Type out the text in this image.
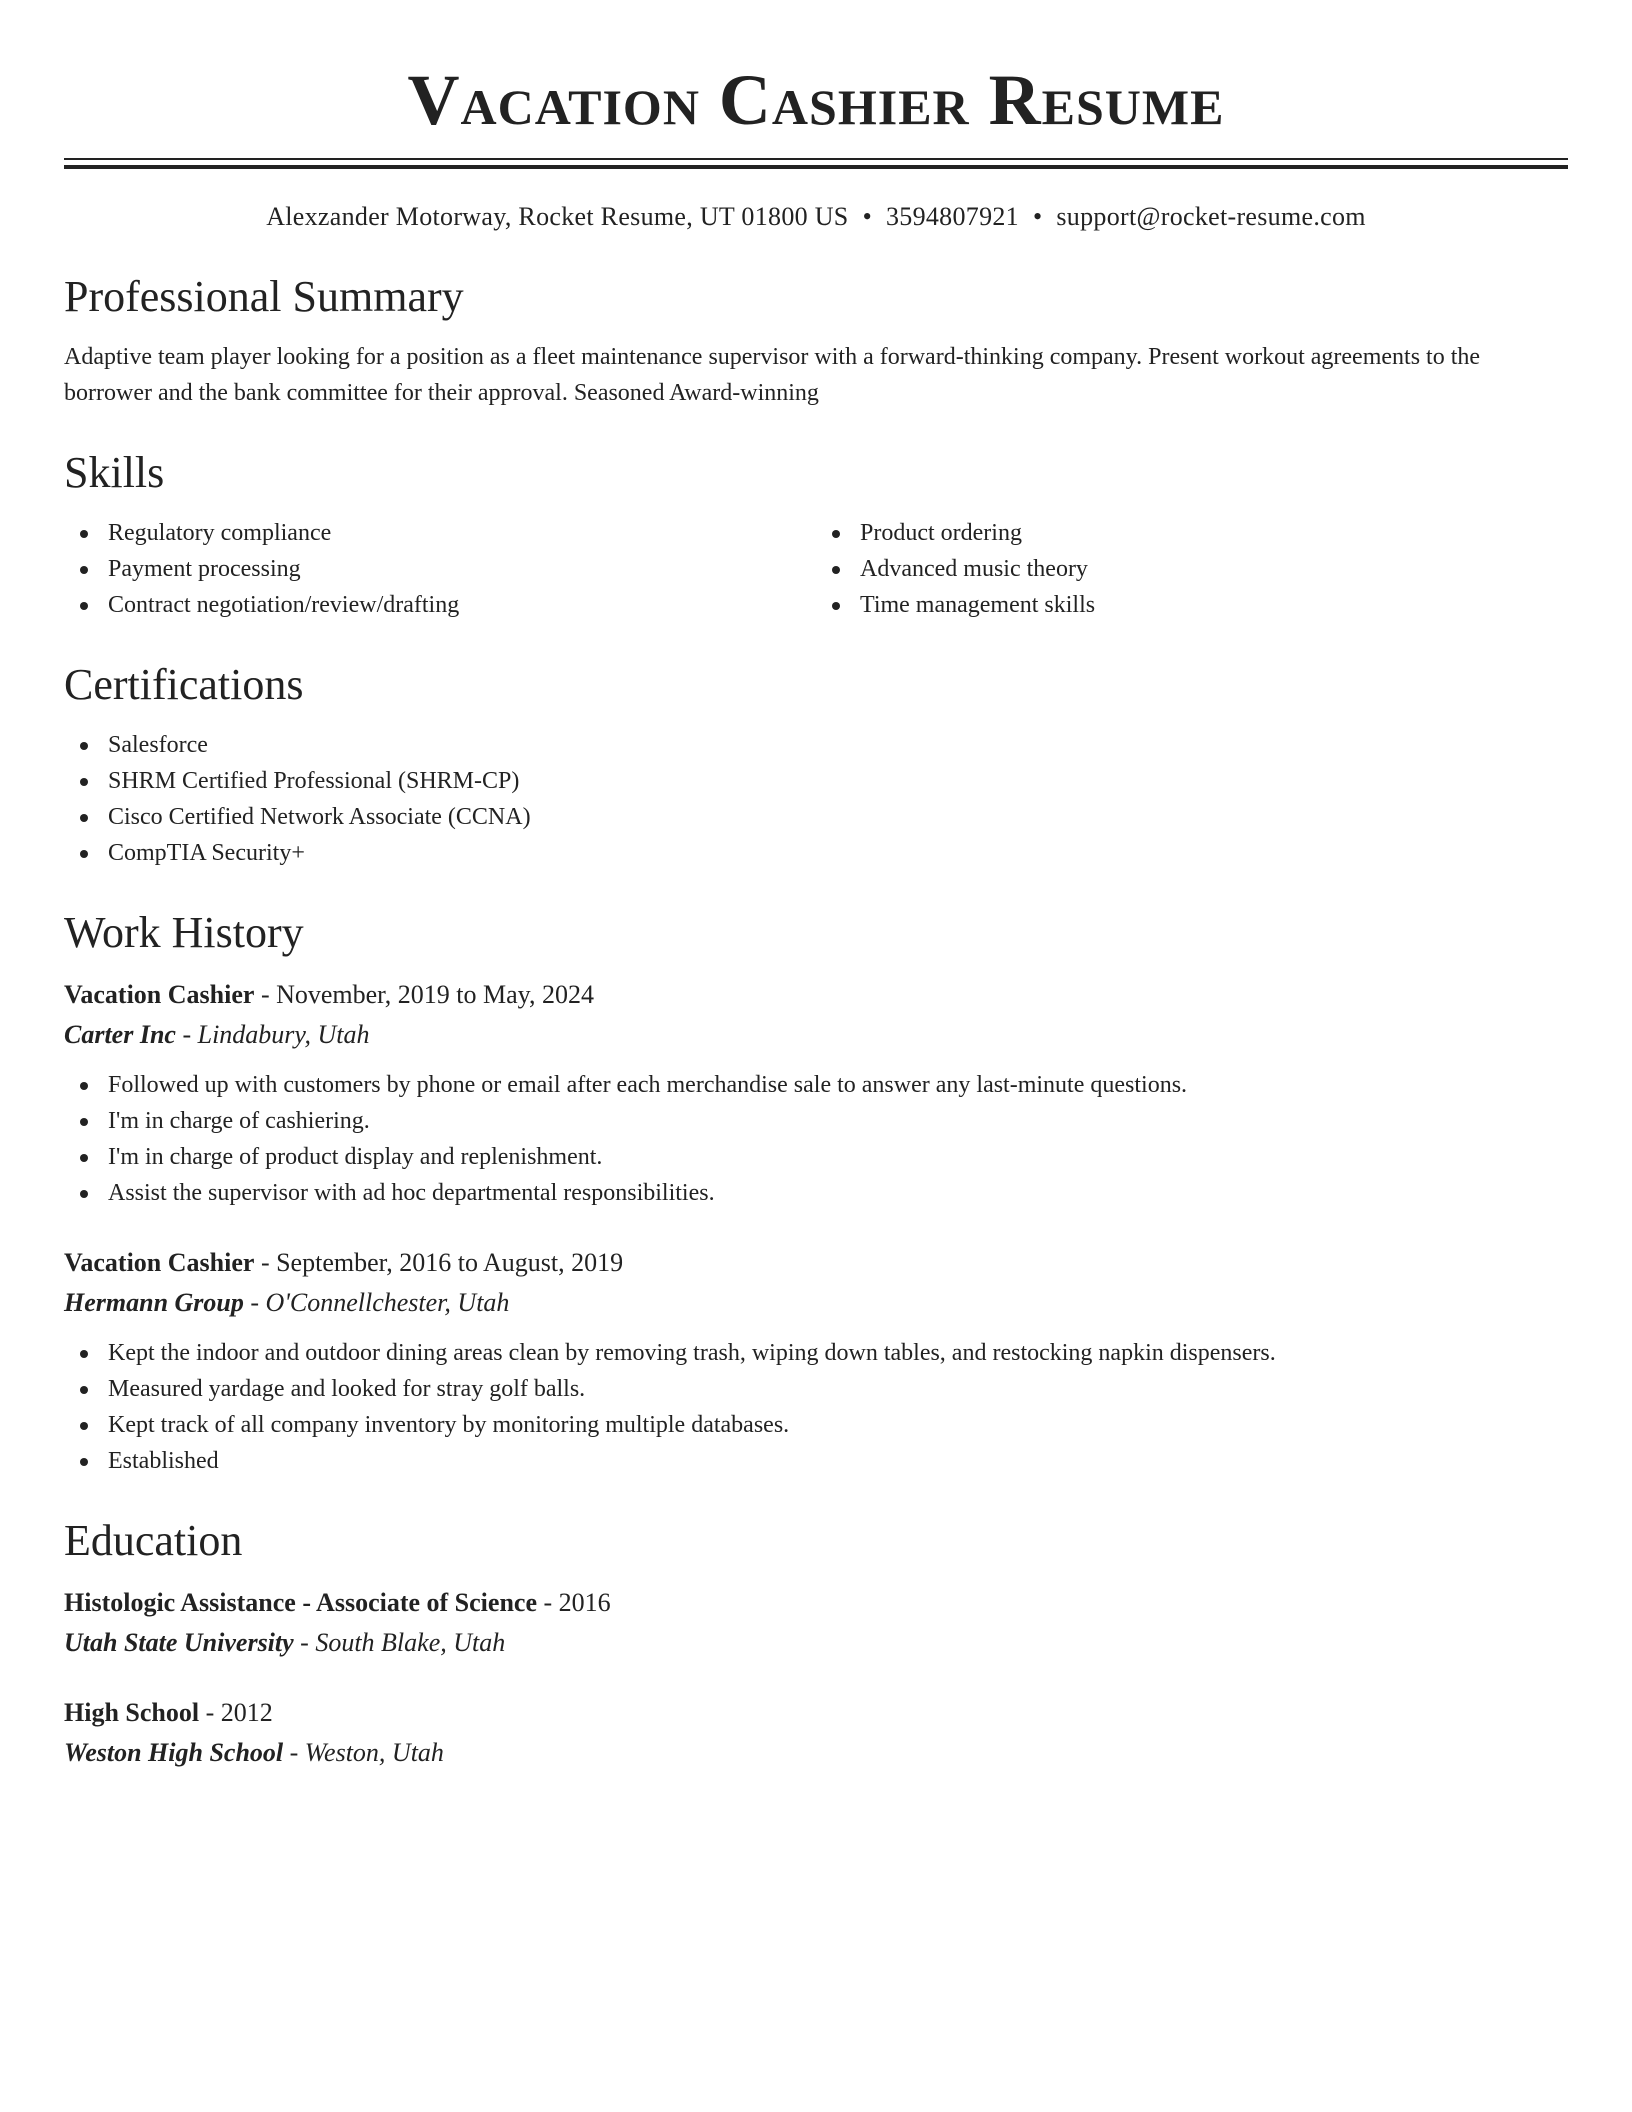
Vacation Cashier Resume
Alexzander Motorway, Rocket Resume, UT 01800 US • 3594807921 • support@rocket-resume.com
Professional Summary

Adaptive team player looking for a position as a fleet maintenance supervisor with a forward-thinking company. Present workout agreements to the borrower and the bank committee for their approval. Seasoned Award-winning

Skills
Regulatory compliance
Payment processing
Contract negotiation/review/drafting
Product ordering
Advanced music theory
Time management skills
Certifications
Salesforce
SHRM Certified Professional (SHRM-CP)
Cisco Certified Network Associate (CCNA)
CompTIA Security+
Work History
Vacation Cashier - November, 2019 to May, 2024
Carter Inc - Lindabury, Utah
Followed up with customers by phone or email after each merchandise sale to answer any last-minute questions.
I'm in charge of cashiering.
I'm in charge of product display and replenishment.
Assist the supervisor with ad hoc departmental responsibilities.
Vacation Cashier - September, 2016 to August, 2019
Hermann Group - O'Connellchester, Utah
Kept the indoor and outdoor dining areas clean by removing trash, wiping down tables, and restocking napkin dispensers.
Measured yardage and looked for stray golf balls.
Kept track of all company inventory by monitoring multiple databases.
Established
Education
Histologic Assistance - Associate of Science - 2016
Utah State University - South Blake, Utah
High School - 2012
Weston High School - Weston, Utah
